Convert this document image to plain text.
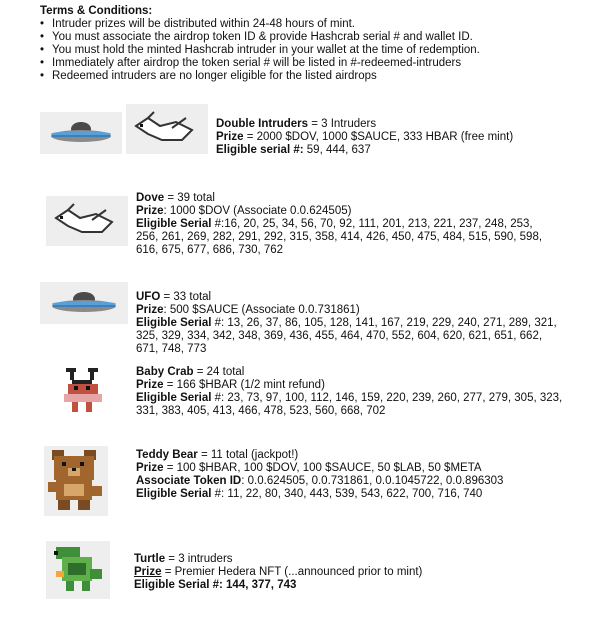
Terms & Conditions:
• Intruder prizes will be distributed within 24-48 hours of mint.
• You must associate the airdrop token ID & provide Hashcrab serial # and wallet ID.
• You must hold the minted Hashcrab intruder in your wallet at the time of redemption.
• Immediately after airdrop the token serial # will be listed in #-redeemed-intruders
• Redeemed intruders are no longer eligible for the listed airdrops
Double Intruders = 3 Intruders
Prize = 2000 $DOV, 1000 $SAUCE, 333 HBAR (free mint)
Eligible serial #: 59, 444, 637
Dove = 39 total
Prize: 1000 $DOV (Associate 0.0.624505)
Eligible Serial #:16, 20, 25, 34, 56, 70, 92, 111, 201, 213, 221, 237, 248, 253, 256, 261, 269, 282, 291, 292, 315, 358, 414, 426, 450, 475, 484, 515, 590, 598, 616, 675, 677, 686, 730, 762
UFO = 33 total
Prize: 500 $SAUCE (Associate 0.0.731861)
Eligible Serial #: 13, 26, 37, 86, 105, 128, 141, 167, 219, 229, 240, 271, 289, 321, 325, 329, 334, 342, 348, 369, 436, 455, 464, 470, 552, 604, 620, 621, 651, 662, 671, 748, 773
Baby Crab = 24 total
Prize = 166 $HBAR (1/2 mint refund)
Eligible Serial #: 23, 73, 97, 100, 112, 146, 159, 220, 239, 260, 277, 279, 305, 323, 331, 383, 405, 413, 466, 478, 523, 560, 668, 702
Teddy Bear = 11 total (jackpot!)
Prize = 100 $HBAR, 100 $DOV, 100 $SAUCE, 50 $LAB, 50 $META
Associate Token ID: 0.0.624505, 0.0.731861, 0.0.1045722, 0.0.896303
Eligible Serial #: 11, 22, 80, 340, 443, 539, 543, 622, 700, 716, 740
Turtle = 3 intruders
Prize = Premier Hedera NFT (...announced prior to mint)
Eligible Serial #: 144, 377, 743
